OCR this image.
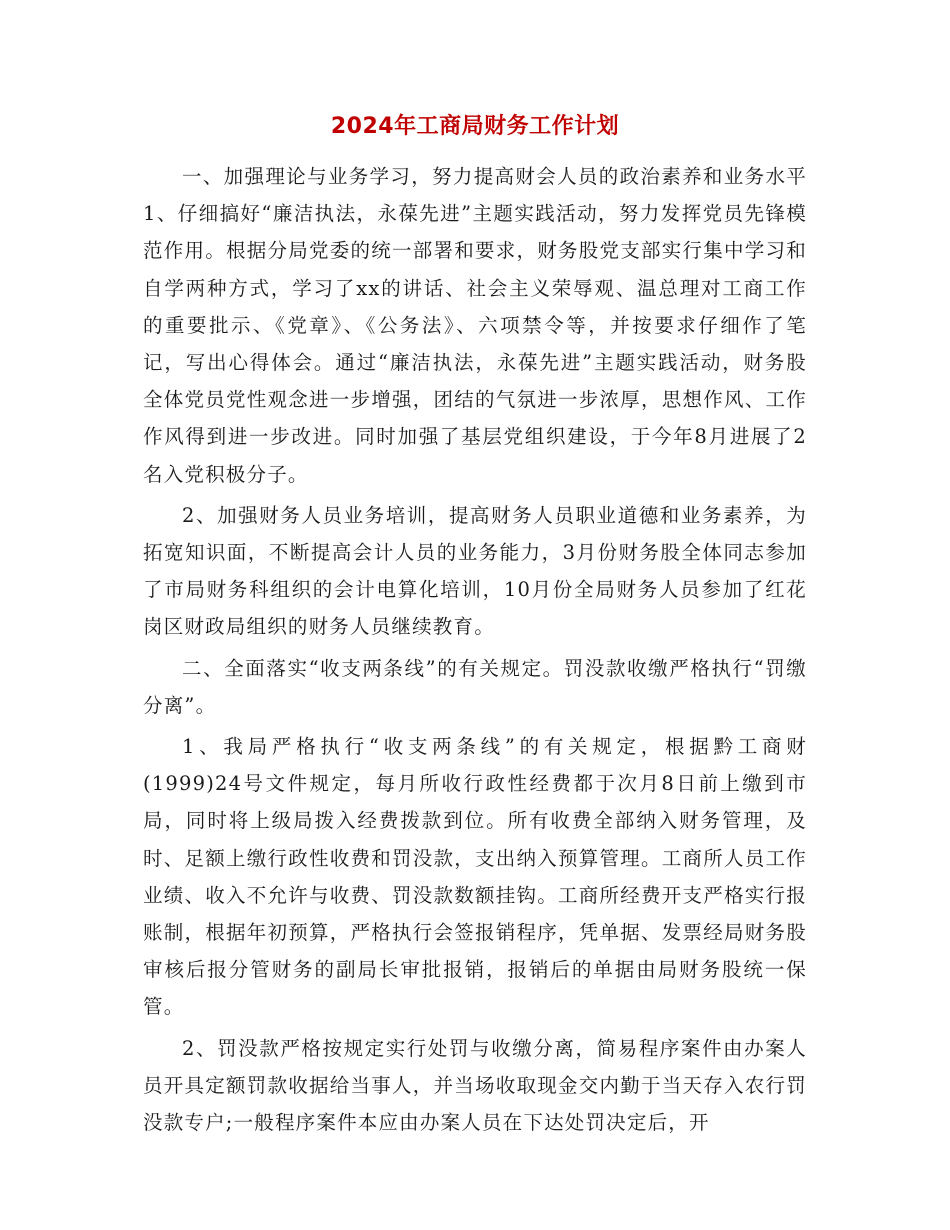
2024年工商局财务工作计划

一、加强理论与业务学习，努力提高财会人员的政治素养和业务水平1、仔细搞好“廉洁执法，永葆先进”主题实践活动，努力发挥党员先锋模范作用。根据分局党委的统一部署和要求，财务股党支部实行集中学习和自学两种方式，学习了xx的讲话、社会主义荣辱观、温总理对工商工作的重要批示、《党章》、《公务法》、六项禁令等，并按要求仔细作了笔记，写出心得体会。通过“廉洁执法，永葆先进”主题实践活动，财务股全体党员党性观念进一步增强，团结的气氛进一步浓厚，思想作风、工作作风得到进一步改进。同时加强了基层党组织建设，于今年8月进展了2名入党积极分子。

2、加强财务人员业务培训，提高财务人员职业道德和业务素养，为拓宽知识面，不断提高会计人员的业务能力，3月份财务股全体同志参加了市局财务科组织的会计电算化培训，10月份全局财务人员参加了红花岗区财政局组织的财务人员继续教育。

二、全面落实“收支两条线”的有关规定。罚没款收缴严格执行“罚缴分离”。

1、我局严格执行“收支两条线”的有关规定，根据黔工商财(1999)24号文件规定，每月所收行政性经费都于次月8日前上缴到市局，同时将上级局拨入经费拨款到位。所有收费全部纳入财务管理，及时、足额上缴行政性收费和罚没款，支出纳入预算管理。工商所人员工作业绩、收入不允许与收费、罚没款数额挂钩。工商所经费开支严格实行报账制，根据年初预算，严格执行会签报销程序，凭单据、发票经局财务股审核后报分管财务的副局长审批报销，报销后的单据由局财务股统一保管。

2、罚没款严格按规定实行处罚与收缴分离，简易程序案件由办案人员开具定额罚款收据给当事人，并当场收取现金交内勤于当天存入农行罚没款专户;一般程序案件本应由办案人员在下达处罚决定后，开
